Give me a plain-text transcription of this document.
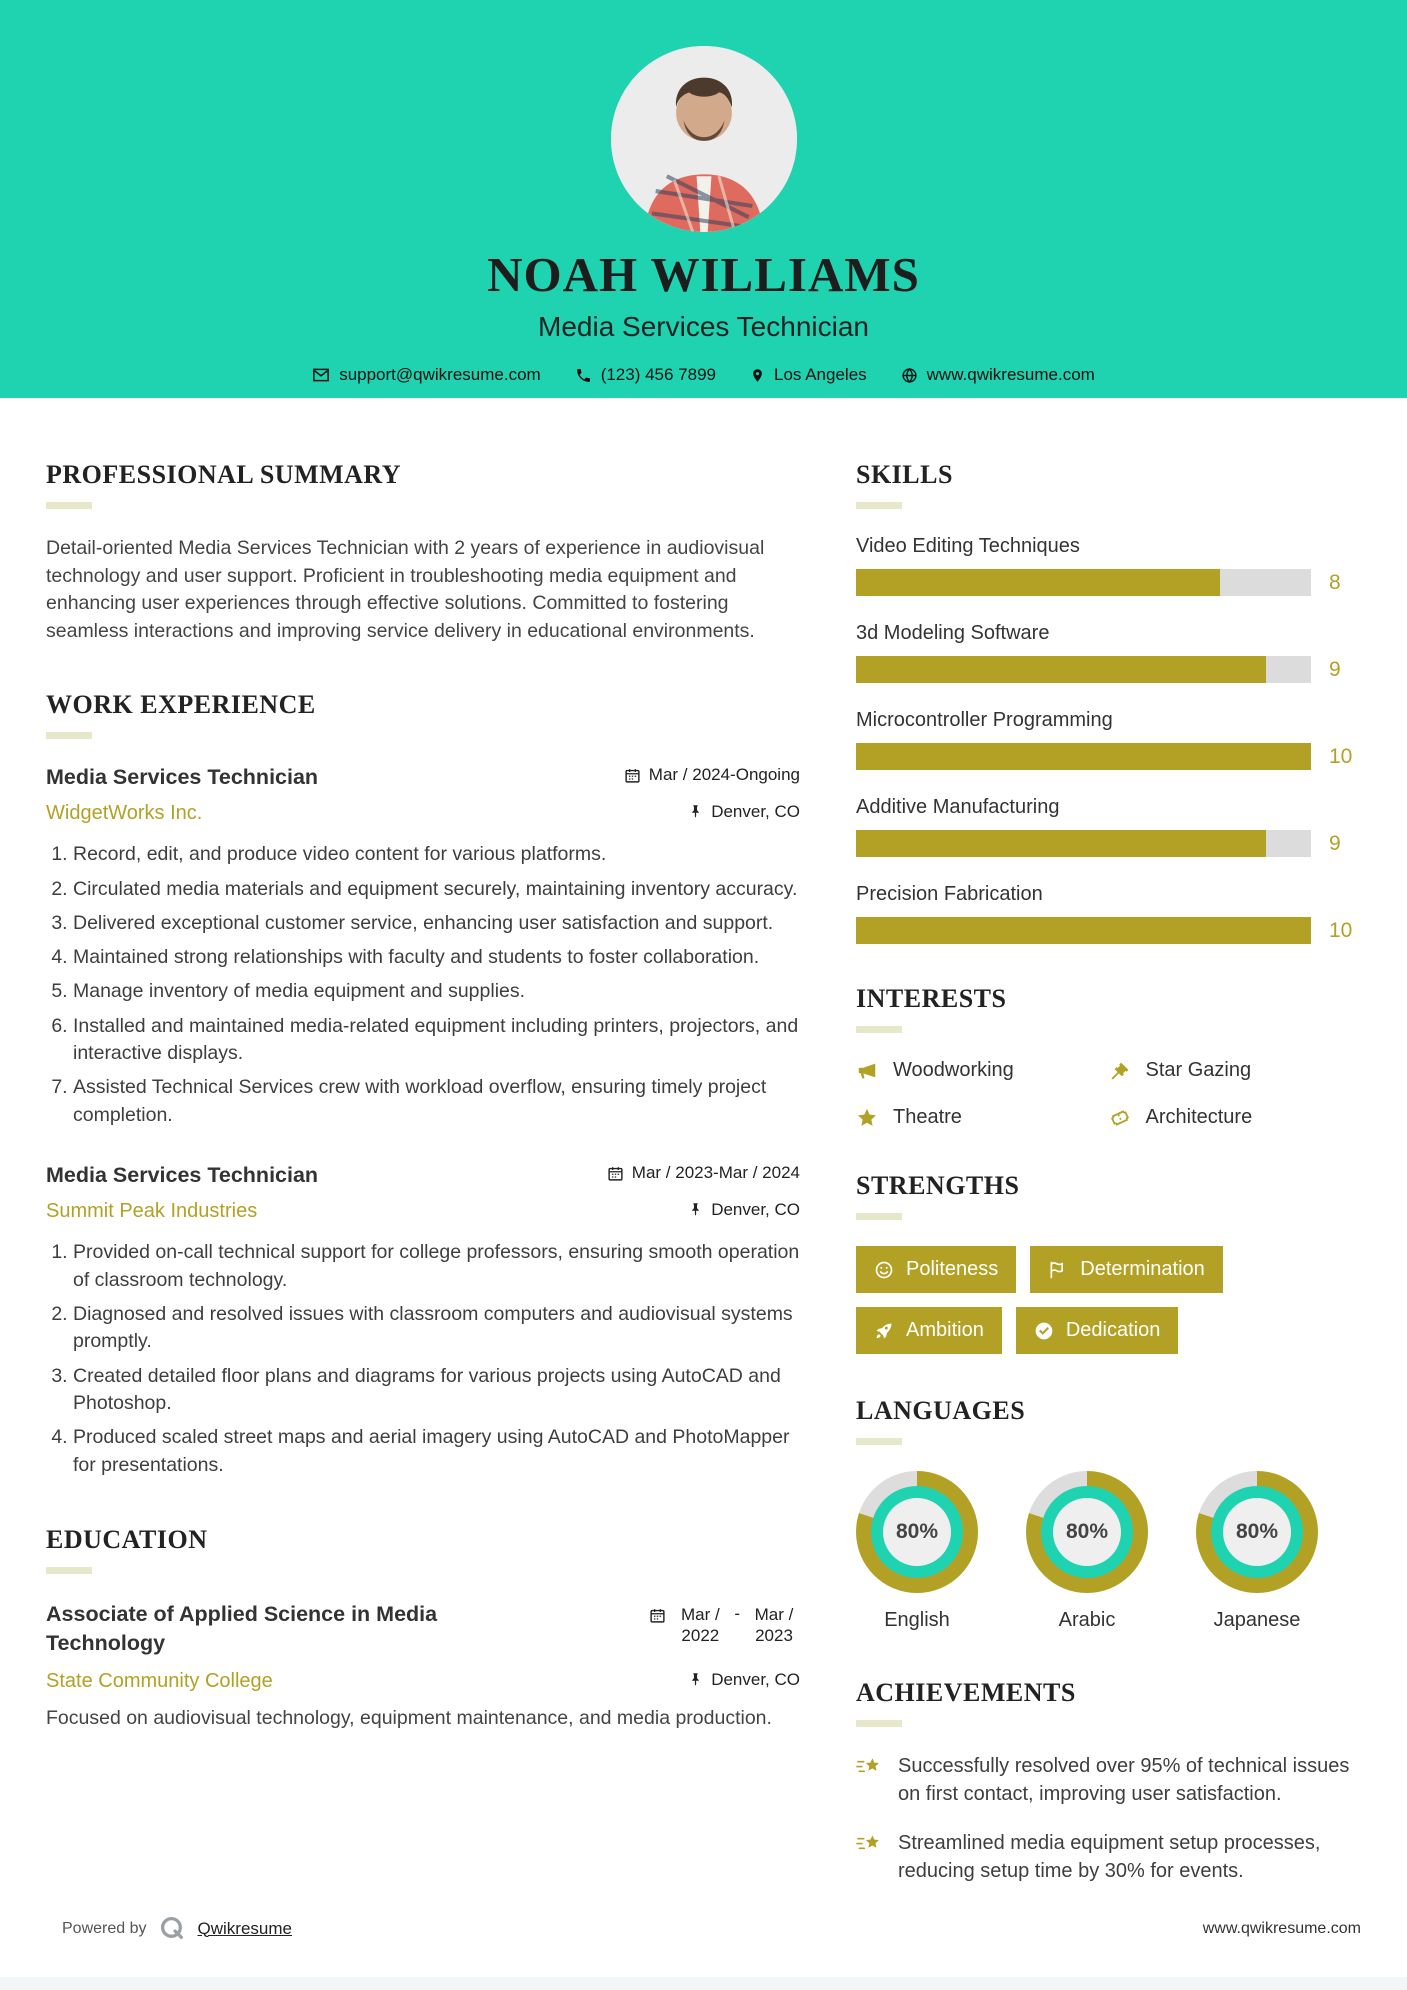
NOAH WILLIAMS
Media Services Technician
support@qwikresume.com	(123) 456 7899	Los Angeles	www.qwikresume.com
PROFESSIONAL SUMMARY

Detail-oriented Media Services Technician with 2 years of experience in audiovisual technology and user support. Proficient in troubleshooting media equipment and enhancing user experiences through effective solutions. Committed to fostering seamless interactions and improving service delivery in educational environments.

WORK EXPERIENCE
Media Services Technician	Mar / 2024-Ongoing
WidgetWorks Inc.	Denver, CO
1. Record, edit, and produce video content for various platforms.
2. Circulated media materials and equipment securely, maintaining inventory accuracy.
3. Delivered exceptional customer service, enhancing user satisfaction and support.
4. Maintained strong relationships with faculty and students to foster collaboration.
5. Manage inventory of media equipment and supplies.
6. Installed and maintained media-related equipment including printers, projectors, and interactive displays.
7. Assisted Technical Services crew with workload overflow, ensuring timely project completion.
Media Services Technician	Mar / 2023-Mar / 2024
Summit Peak Industries	Denver, CO
1. Provided on-call technical support for college professors, ensuring smooth operation of classroom technology.
2. Diagnosed and resolved issues with classroom computers and audiovisual systems promptly.
3. Created detailed floor plans and diagrams for various projects using AutoCAD and Photoshop.
4. Produced scaled street maps and aerial imagery using AutoCAD and PhotoMapper for presentations.
EDUCATION
Associate of Applied Science in Media Technology
Mar / 2022
- Mar / 2023
State Community College	Denver, CO

Focused on audiovisual technology, equipment maintenance, and media production.

SKILLS
Video Editing Techniques
8
3d Modeling Software
9
Microcontroller Programming
10
Additive Manufacturing
9
Precision Fabrication
10
INTERESTS
Woodworking	Star Gazing
Theatre	Architecture
STRENGTHS
Politeness	Determination
Ambition	Dedication
LANGUAGES
80%
English
80%
Arabic
80%
Japanese
ACHIEVEMENTS
Successfully resolved over 95% of technical issues on first contact, improving user satisfaction.
Streamlined media equipment setup processes, reducing setup time by 30% for events.
Powered by	Qwikresume	www.qwikresume.com
